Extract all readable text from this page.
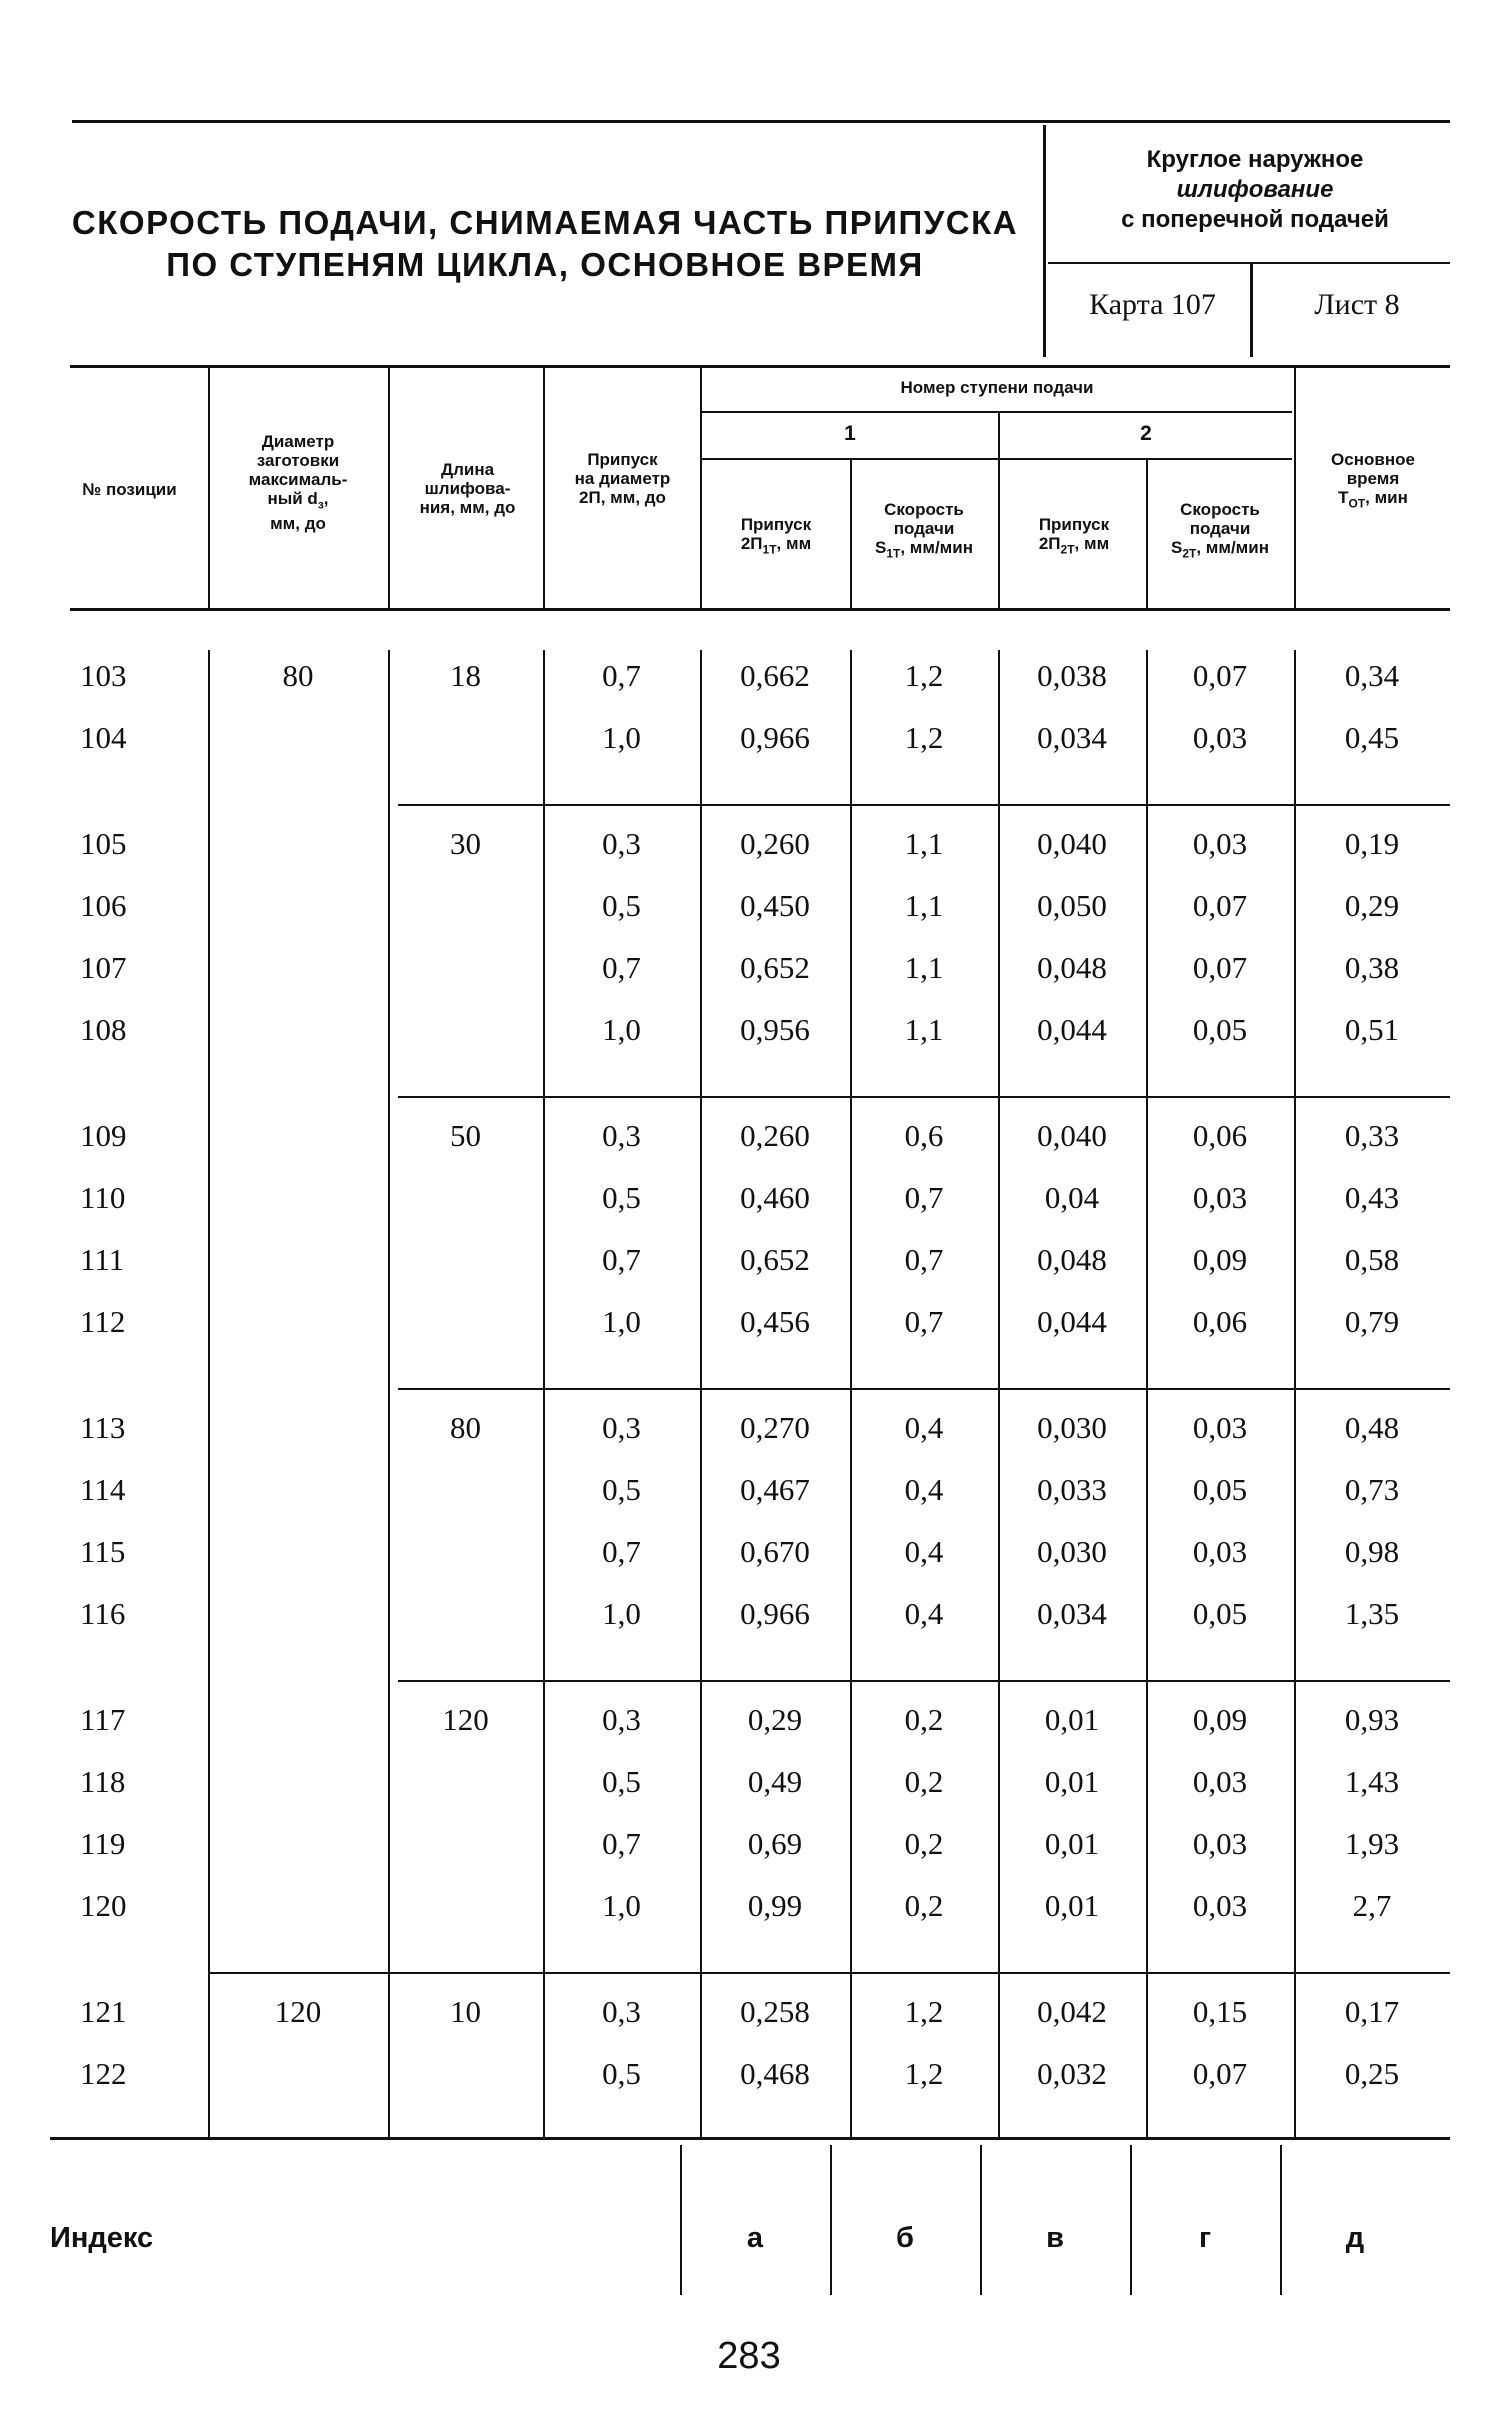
СКОРОСТЬ ПОДАЧИ, СНИМАЕМАЯ ЧАСТЬ ПРИПУСКА
ПО СТУПЕНЯМ ЦИКЛА, ОСНОВНОЕ ВРЕМЯ
Круглое наружное
шлифование
с поперечной подачей
Карта 107	Лист 8
№ позиции
Диаметр
заготовки
максималь-
ный $d_з$,
мм, до
Длина
шлифова-
ния, мм, до
Припуск
на диаметр
2П, мм, до
Номер ступени подачи
1	2
Припуск
$2П_{1Т}$, мм
Скорость
подачи
$S_{1Т}$, мм/мин
Припуск
$2П_{2Т}$, мм
Скорость
подачи
$S_{2Т}$, мм/мин
Основное
время
$Т_{ОТ}$, мин
103	80	18	0,7	0,662	1,2	0,038	0,07	0,34
104			1,0	0,966	1,2	0,034	0,03	0,45

105		30	0,3	0,260	1,1	0,040	0,03	0,19
106			0,5	0,450	1,1	0,050	0,07	0,29
107			0,7	0,652	1,1	0,048	0,07	0,38
108			1,0	0,956	1,1	0,044	0,05	0,51

109		50	0,3	0,260	0,6	0,040	0,06	0,33
110			0,5	0,460	0,7	0,04	0,03	0,43
111			0,7	0,652	0,7	0,048	0,09	0,58
112			1,0	0,456	0,7	0,044	0,06	0,79

113		80	0,3	0,270	0,4	0,030	0,03	0,48
114			0,5	0,467	0,4	0,033	0,05	0,73
115			0,7	0,670	0,4	0,030	0,03	0,98
116			1,0	0,966	0,4	0,034	0,05	1,35

117		120	0,3	0,29	0,2	0,01	0,09	0,93
118			0,5	0,49	0,2	0,01	0,03	1,43
119			0,7	0,69	0,2	0,01	0,03	1,93
120			1,0	0,99	0,2	0,01	0,03	2,7

121	120	10	0,3	0,258	1,2	0,042	0,15	0,17
122			0,5	0,468	1,2	0,032	0,07	0,25
Индекс	а	б	в	г	д
283
